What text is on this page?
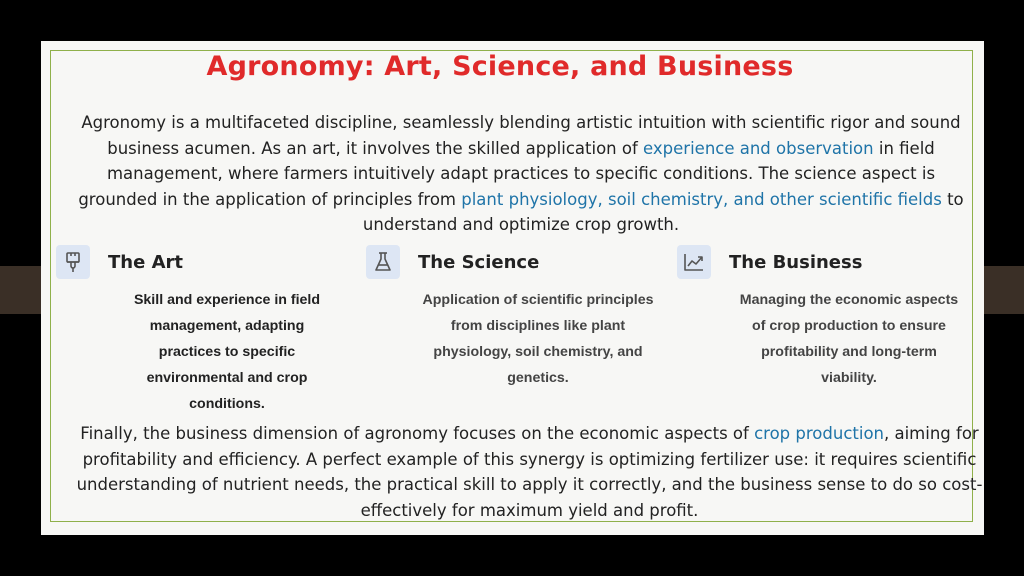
Agronomy: Art, Science, and Business
Agronomy is a multifaceted discipline, seamlessly blending artistic intuition with scientific rigor and sound business acumen. As an art, it involves the skilled application of experience and observation in field management, where farmers intuitively adapt practices to specific conditions. The science aspect is grounded in the application of principles from plant physiology, soil chemistry, and other scientific fields to understand and optimize crop growth.
The Art
Skill and experience in field management, adapting practices to specific environmental and crop conditions.
The Science
Application of scientific principles from disciplines like plant physiology, soil chemistry, and genetics.
The Business
Managing the economic aspects of crop production to ensure profitability and long-term viability.
Finally, the business dimension of agronomy focuses on the economic aspects of crop production, aiming for profitability and efficiency. A perfect example of this synergy is optimizing fertilizer use: it requires scientific understanding of nutrient needs, the practical skill to apply it correctly, and the business sense to do so cost-effectively for maximum yield and profit.
